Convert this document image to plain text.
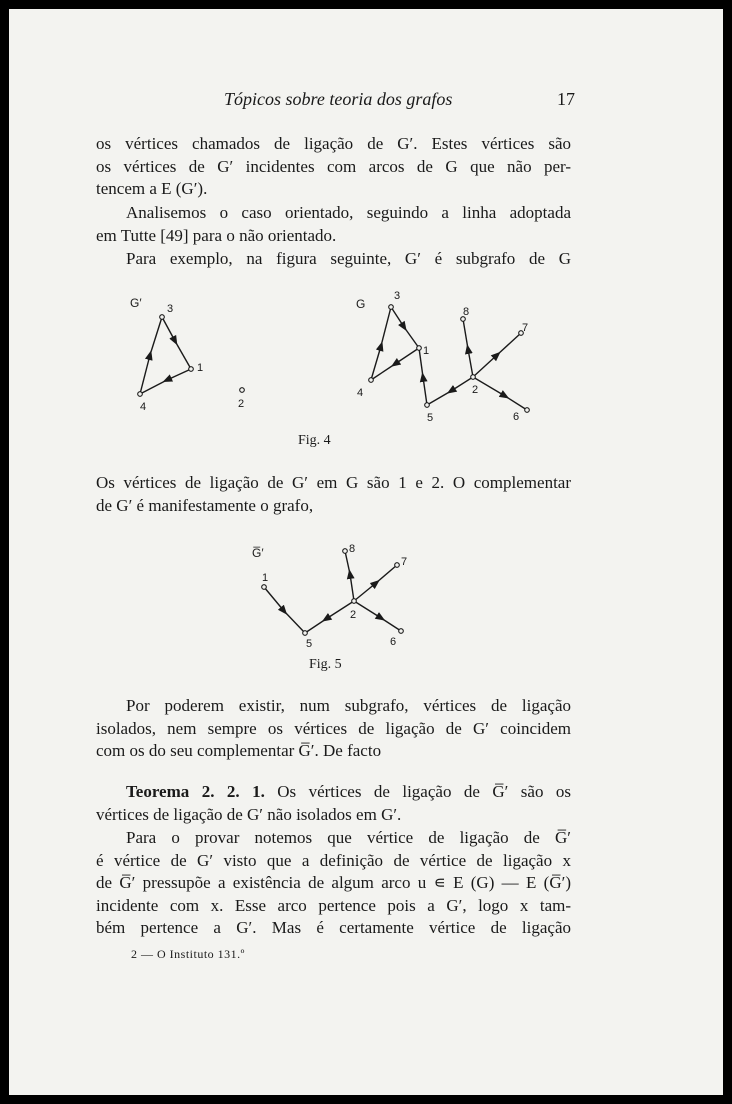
Tópicos sobre teoria dos grafos	17
os vértices chamados de ligação de G′. Estes vértices são
os vértices de G′ incidentes com arcos de G que não per-
tencem a E (G′).
Analisemos o caso orientado, seguindo a linha adoptada
em Tutte [49] para o não orientado.
Para exemplo, na figura seguinte, G′ é subgrafo de G
G′ 3
1
4	2
G
3
1
4
5
2
8
7
6
G̅′	8
7
1
2
5	6
Fig. 4
Os vértices de ligação de G′ em G são 1 e 2. O complementar
de G′ é manifestamente o grafo,
Fig. 5
Por poderem existir, num subgrafo, vértices de ligação
isolados, nem sempre os vértices de ligação de G′ coincidem
com os do seu complementar G̅′. De facto
Teorema 2. 2. 1. Os vértices de ligação de G̅′ são os
vértices de ligação de G′ não isolados em G′.
Para o provar notemos que vértice de ligação de G̅′
é vértice de G′ visto que a definição de vértice de ligação x
de G̅′ pressupõe a existência de algum arco u ∊ E (G) — E (G̅′)
incidente com x. Esse arco pertence pois a G′, logo x tam-
bém pertence a G′. Mas é certamente vértice de ligação
2 — O Instituto 131.º
